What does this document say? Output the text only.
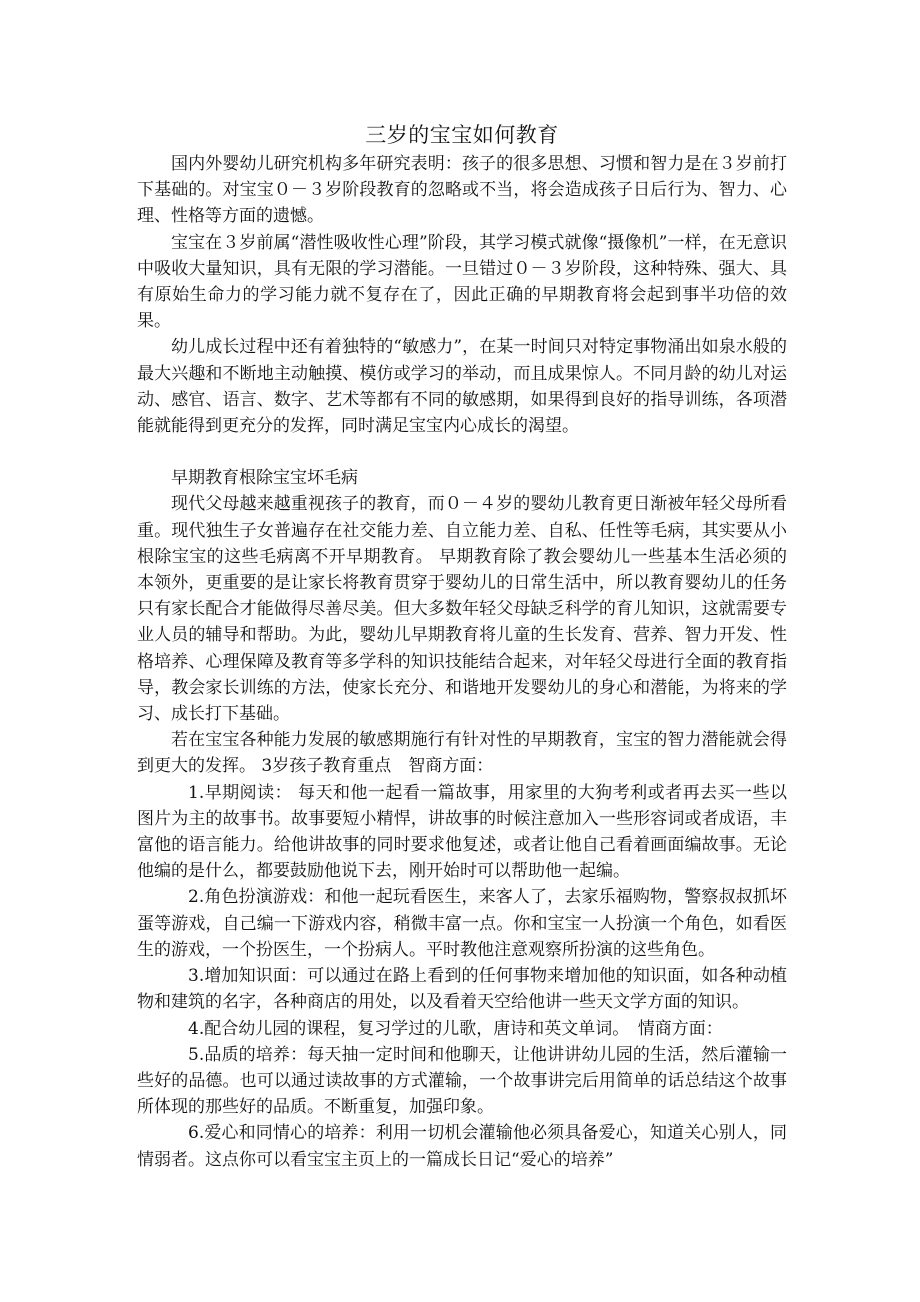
三岁的宝宝如何教育

国内外婴幼儿研究机构多年研究表明：孩子的很多思想、习惯和智力是在３岁前打下基础的。对宝宝０－３岁阶段教育的忽略或不当，将会造成孩子日后行为、智力、心理、性格等方面的遗憾。

宝宝在３岁前属“潜性吸收性心理”阶段，其学习模式就像“摄像机”一样，在无意识中吸收大量知识，具有无限的学习潜能。一旦错过０－３岁阶段，这种特殊、强大、具有原始生命力的学习能力就不复存在了，因此正确的早期教育将会起到事半功倍的效果。

幼儿成长过程中还有着独特的“敏感力”，在某一时间只对特定事物涌出如泉水般的最大兴趣和不断地主动触摸、模仿或学习的举动，而且成果惊人。不同月龄的幼儿对运动、感官、语言、数字、艺术等都有不同的敏感期，如果得到良好的指导训练，各项潜能就能得到更充分的发挥，同时满足宝宝内心成长的渴望。

早期教育根除宝宝坏毛病

现代父母越来越重视孩子的教育，而０－４岁的婴幼儿教育更日渐被年轻父母所看重。现代独生子女普遍存在社交能力差、自立能力差、自私、任性等毛病，其实要从小根除宝宝的这些毛病离不开早期教育。 早期教育除了教会婴幼儿一些基本生活必须的本领外，更重要的是让家长将教育贯穿于婴幼儿的日常生活中，所以教育婴幼儿的任务只有家长配合才能做得尽善尽美。但大多数年轻父母缺乏科学的育儿知识，这就需要专业人员的辅导和帮助。为此，婴幼儿早期教育将儿童的生长发育、营养、智力开发、性格培养、心理保障及教育等多学科的知识技能结合起来，对年轻父母进行全面的教育指导，教会家长训练的方法，使家长充分、和谐地开发婴幼儿的身心和潜能，为将来的学习、成长打下基础。

若在宝宝各种能力发展的敏感期施行有针对性的早期教育，宝宝的智力潜能就会得到更大的发挥。 3岁孩子教育重点　智商方面：

1.早期阅读： 每天和他一起看一篇故事，用家里的大狗考利或者再去买一些以图片为主的故事书。故事要短小精悍，讲故事的时候注意加入一些形容词或者成语，丰富他的语言能力。给他讲故事的同时要求他复述，或者让他自己看着画面编故事。无论他编的是什么，都要鼓励他说下去，刚开始时可以帮助他一起编。

2.角色扮演游戏：和他一起玩看医生，来客人了，去家乐福购物，警察叔叔抓坏蛋等游戏，自己编一下游戏内容，稍微丰富一点。你和宝宝一人扮演一个角色，如看医生的游戏，一个扮医生，一个扮病人。平时教他注意观察所扮演的这些角色。

3.增加知识面：可以通过在路上看到的任何事物来增加他的知识面，如各种动植物和建筑的名字，各种商店的用处，以及看着天空给他讲一些天文学方面的知识。

4.配合幼儿园的课程，复习学过的儿歌，唐诗和英文单词。　情商方面：

5.品质的培养：每天抽一定时间和他聊天，让他讲讲幼儿园的生活，然后灌输一些好的品德。也可以通过读故事的方式灌输，一个故事讲完后用简单的话总结这个故事所体现的那些好的品质。不断重复，加强印象。

6.爱心和同情心的培养：利用一切机会灌输他必须具备爱心，知道关心别人，同情弱者。这点你可以看宝宝主页上的一篇成长日记“爱心的培养”
